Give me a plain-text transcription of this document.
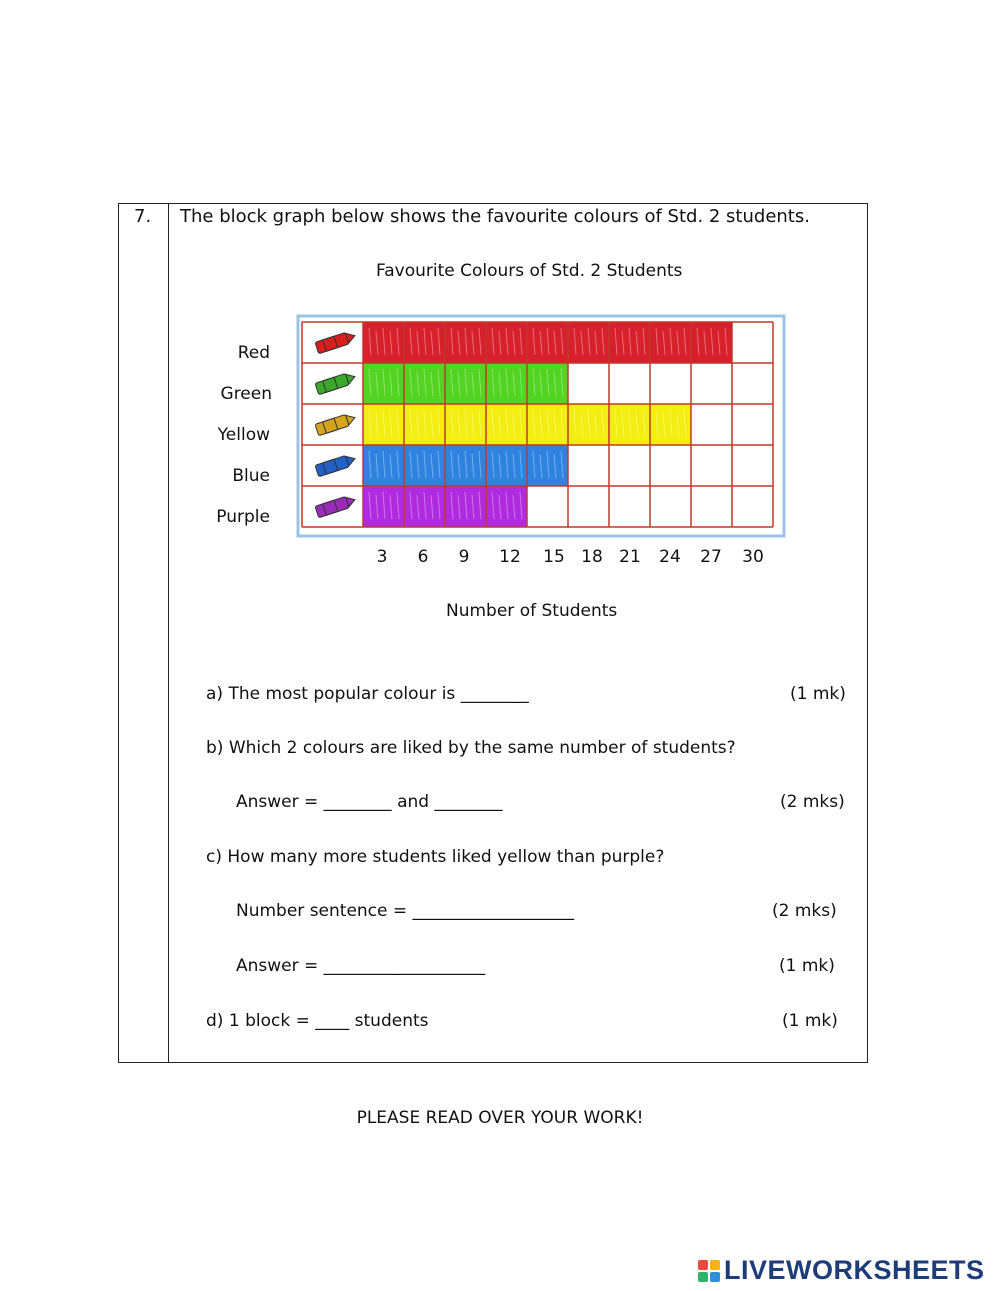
7. The block graph below shows the favourite colours of Std. 2 students.
Favourite Colours of Std. 2 Students
Red
Green
Yellow
Blue
Purple
3	6	9	12	15 18 21	24	27	30
Number of Students
a) The most popular colour is ________	(1 mk)
b) Which 2 colours are liked by the same number of students?
Answer = ________ and ________	(2 mks)
c) How many more students liked yellow than purple?
Number sentence = ___________________	(2 mks)
Answer = ___________________	(1 mk)
d) 1 block = ____ students	(1 mk)
PLEASE READ OVER YOUR WORK!
LIVEWORKSHEETS
